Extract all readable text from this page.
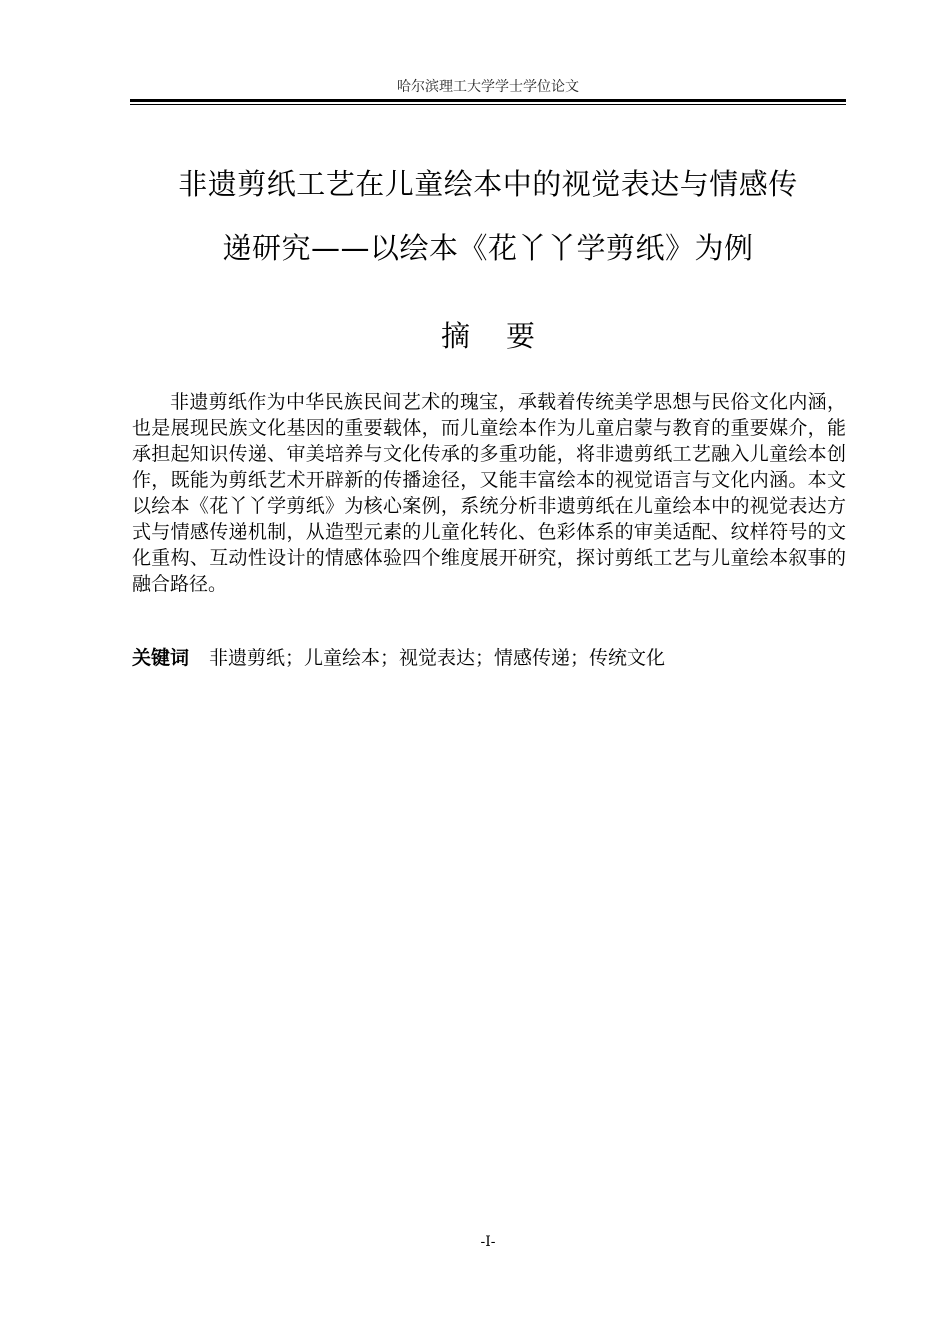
哈尔滨理工大学学士学位论文
非遗剪纸工艺在儿童绘本中的视觉表达与情感传
递研究——以绘本《花丫丫学剪纸》为例
摘 要

非遗剪纸作为中华民族民间艺术的瑰宝，承载着传统美学思想与民俗文化内涵，也是展现民族文化基因的重要载体，而儿童绘本作为儿童启蒙与教育的重要媒介，能承担起知识传递、审美培养与文化传承的多重功能，将非遗剪纸工艺融入儿童绘本创作，既能为剪纸艺术开辟新的传播途径，又能丰富绘本的视觉语言与文化内涵。本文以绘本《花丫丫学剪纸》为核心案例，系统分析非遗剪纸在儿童绘本中的视觉表达方式与情感传递机制，从造型元素的儿童化转化、色彩体系的审美适配、纹样符号的文化重构、互动性设计的情感体验四个维度展开研究，探讨剪纸工艺与儿童绘本叙事的融合路径。

关键词 非遗剪纸；儿童绘本；视觉表达；情感传递；传统文化

-I-
